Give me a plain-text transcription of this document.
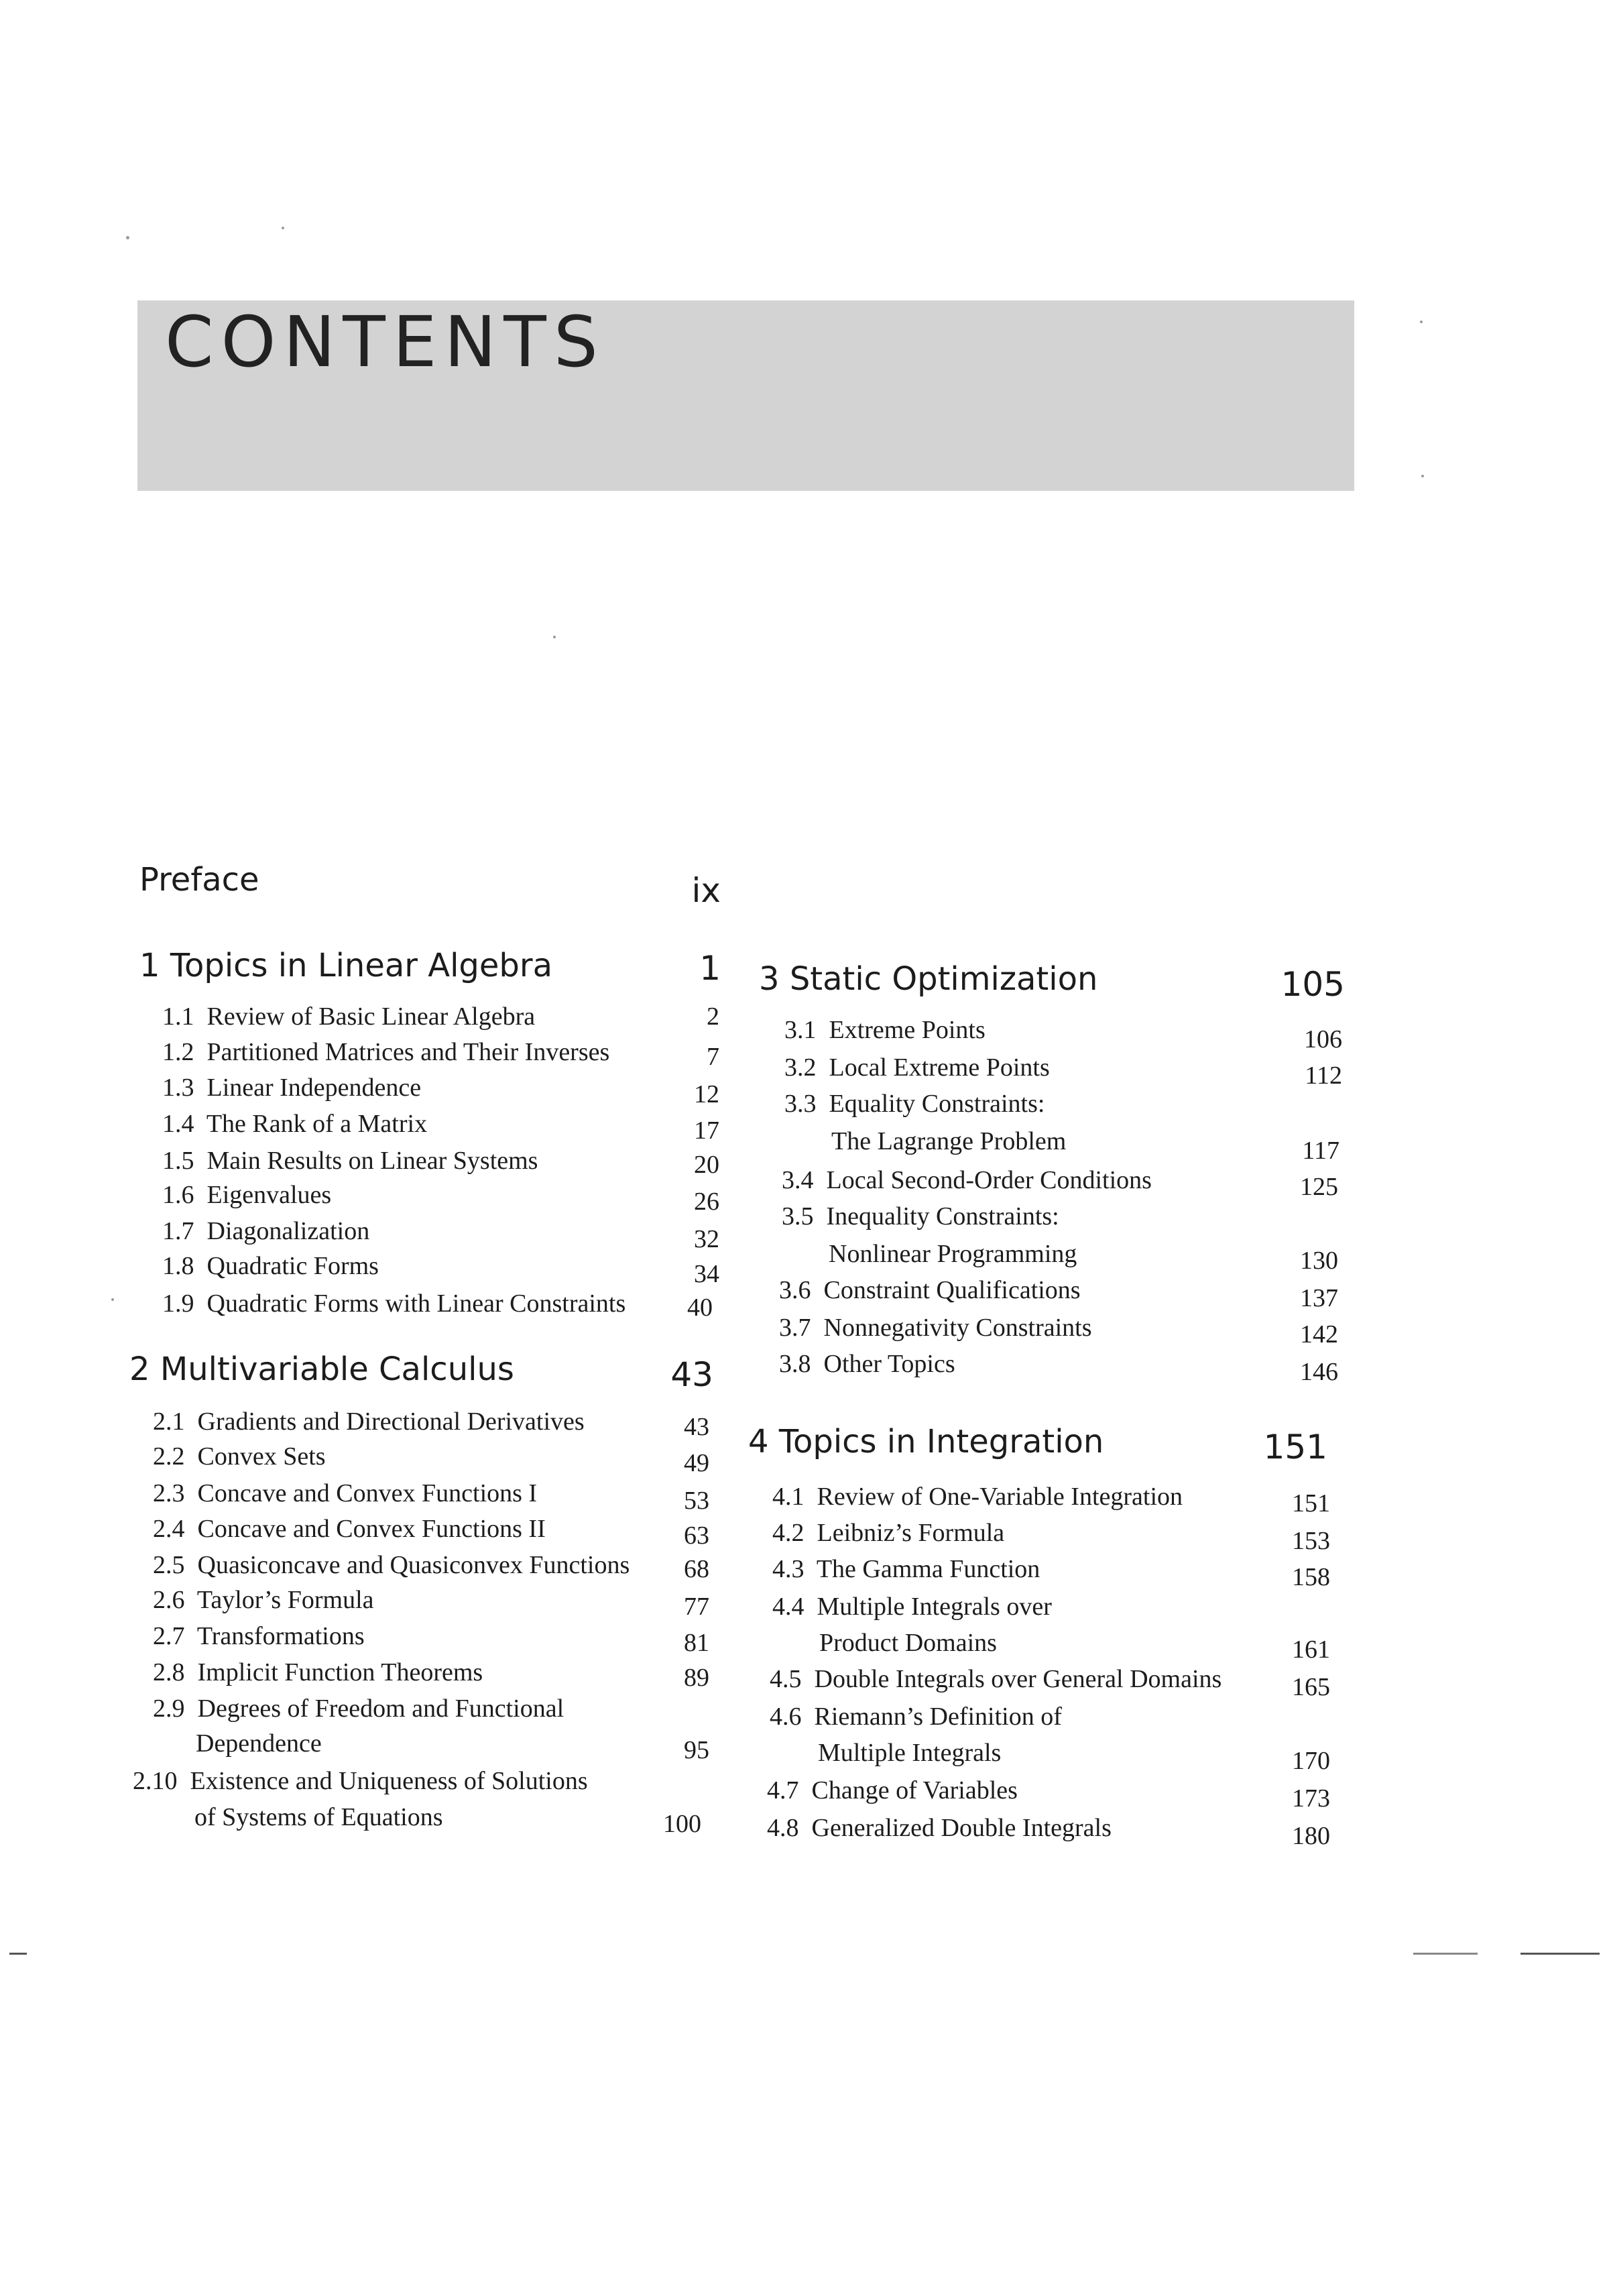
CONTENTS
Preface	ix
1 Topics in Linear Algebra	1
1.1 Review of Basic Linear Algebra	2
1.2 Partitioned Matrices and Their Inverses	7
1.3 Linear Independence	12
1.4 The Rank of a Matrix	17
1.5 Main Results on Linear Systems	20
1.6 Eigenvalues	26
1.7 Diagonalization	32
1.8 Quadratic Forms	34
1.9 Quadratic Forms with Linear Constraints	40
2 Multivariable Calculus	43
2.1 Gradients and Directional Derivatives	43
2.2 Convex Sets	49
2.3 Concave and Convex Functions I	53
2.4 Concave and Convex Functions II	63
2.5 Quasiconcave and Quasiconvex Functions	68
2.6 Taylor’s Formula	77
2.7 Transformations	81
2.8 Implicit Function Theorems	89
2.9 Degrees of Freedom and Functional
Dependence	95
2.10 Existence and Uniqueness of Solutions
of Systems of Equations	100
3 Static Optimization	105
3.1 Extreme Points	106
3.2 Local Extreme Points	112
3.3 Equality Constraints:
The Lagrange Problem	117
3.4 Local Second-Order Conditions	125
3.5 Inequality Constraints:
Nonlinear Programming	130
3.6 Constraint Qualifications	137
3.7 Nonnegativity Constraints	142
3.8 Other Topics	146
4 Topics in Integration	151
4.1 Review of One-Variable Integration	151
4.2 Leibniz’s Formula	153
4.3 The Gamma Function	158
4.4 Multiple Integrals over
Product Domains	161
4.5 Double Integrals over General Domains	165
4.6 Riemann’s Definition of
Multiple Integrals	170
4.7 Change of Variables	173
4.8 Generalized Double Integrals	180
